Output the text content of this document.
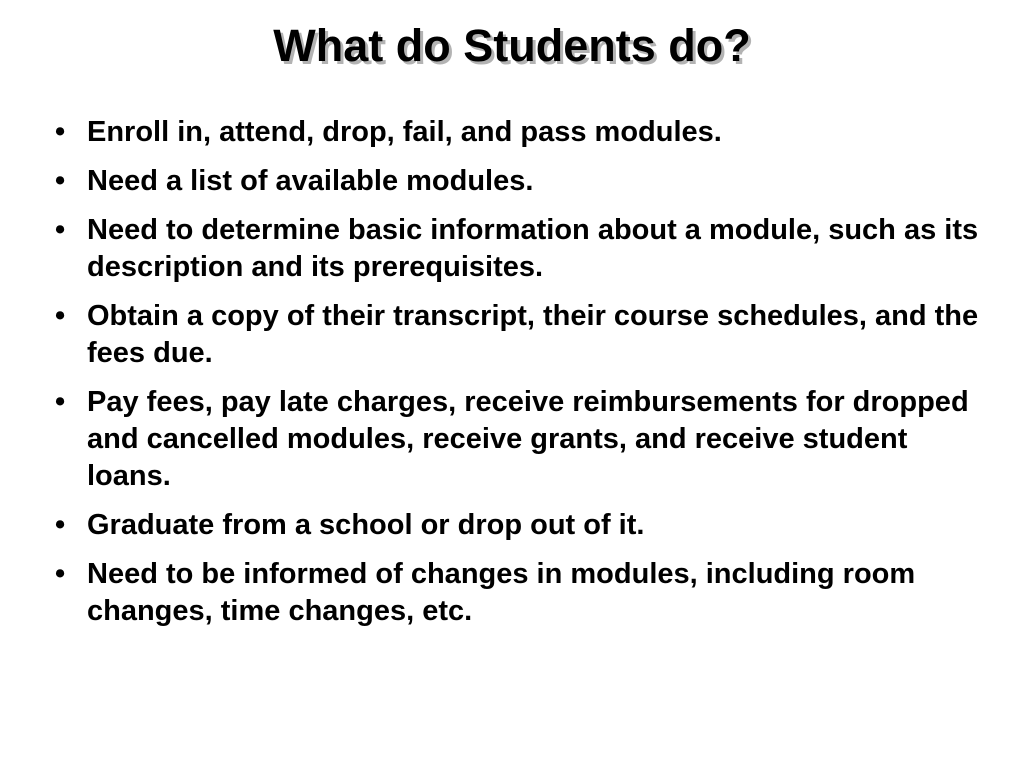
What do Students do?
• Enroll in, attend, drop, fail, and pass modules.
• Need a list of available modules.
• Need to determine basic information about a module, such as its description and its prerequisites.
• Obtain a copy of their transcript, their course schedules, and the fees due.
• Pay fees, pay late charges, receive reimbursements for dropped and cancelled modules, receive grants, and receive student loans.
• Graduate from a school or drop out of it.
• Need to be informed of changes in modules, including room changes, time changes, etc.
